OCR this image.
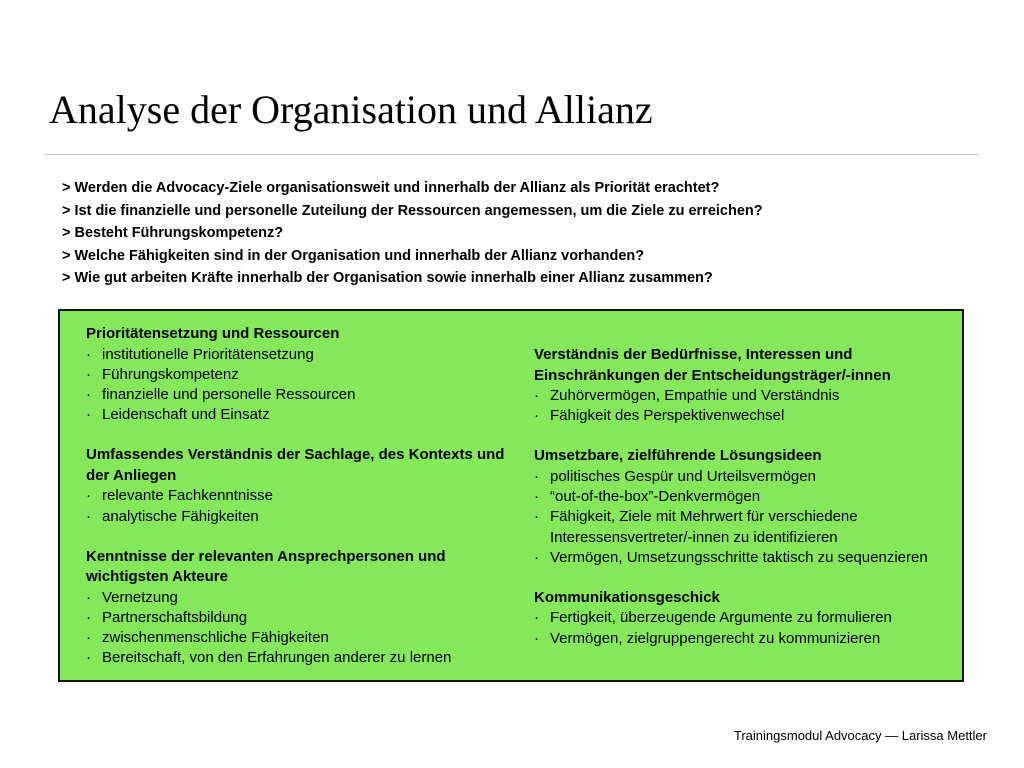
Analyse der Organisation und Allianz
> Werden die Advocacy-Ziele organisationsweit und innerhalb der Allianz als Priorität erachtet?
> Ist die finanzielle und personelle Zuteilung der Ressourcen angemessen, um die Ziele zu erreichen?
> Besteht Führungskompetenz?
> Welche Fähigkeiten sind in der Organisation und innerhalb der Allianz vorhanden?
> Wie gut arbeiten Kräfte innerhalb der Organisation sowie innerhalb einer Allianz zusammen?
Prioritätensetzung und Ressourcen
· institutionelle Prioritätensetzung
· Führungskompetenz
· finanzielle und personelle Ressourcen
· Leidenschaft und Einsatz
Umfassendes Verständnis der Sachlage, des Kontexts und der Anliegen
· relevante Fachkenntnisse
· analytische Fähigkeiten
Kenntnisse der relevanten Ansprechpersonen und wichtigsten Akteure
· Vernetzung
· Partnerschaftsbildung
· zwischenmenschliche Fähigkeiten
· Bereitschaft, von den Erfahrungen anderer zu lernen
Verständnis der Bedürfnisse, Interessen und Einschränkungen der Entscheidungsträger/-innen
· Zuhörvermögen, Empathie und Verständnis
· Fähigkeit des Perspektivenwechsel
Umsetzbare, zielführende Lösungsideen
· politisches Gespür und Urteilsvermögen
· “out-of-the-box”-Denkvermögen
· Fähigkeit, Ziele mit Mehrwert für verschiedene Interessensvertreter/-innen zu identifizieren
· Vermögen, Umsetzungsschritte taktisch zu sequenzieren
Kommunikationsgeschick
· Fertigkeit, überzeugende Argumente zu formulieren
· Vermögen, zielgruppengerecht zu kommunizieren
Trainingsmodul Advocacy — Larissa Mettler
